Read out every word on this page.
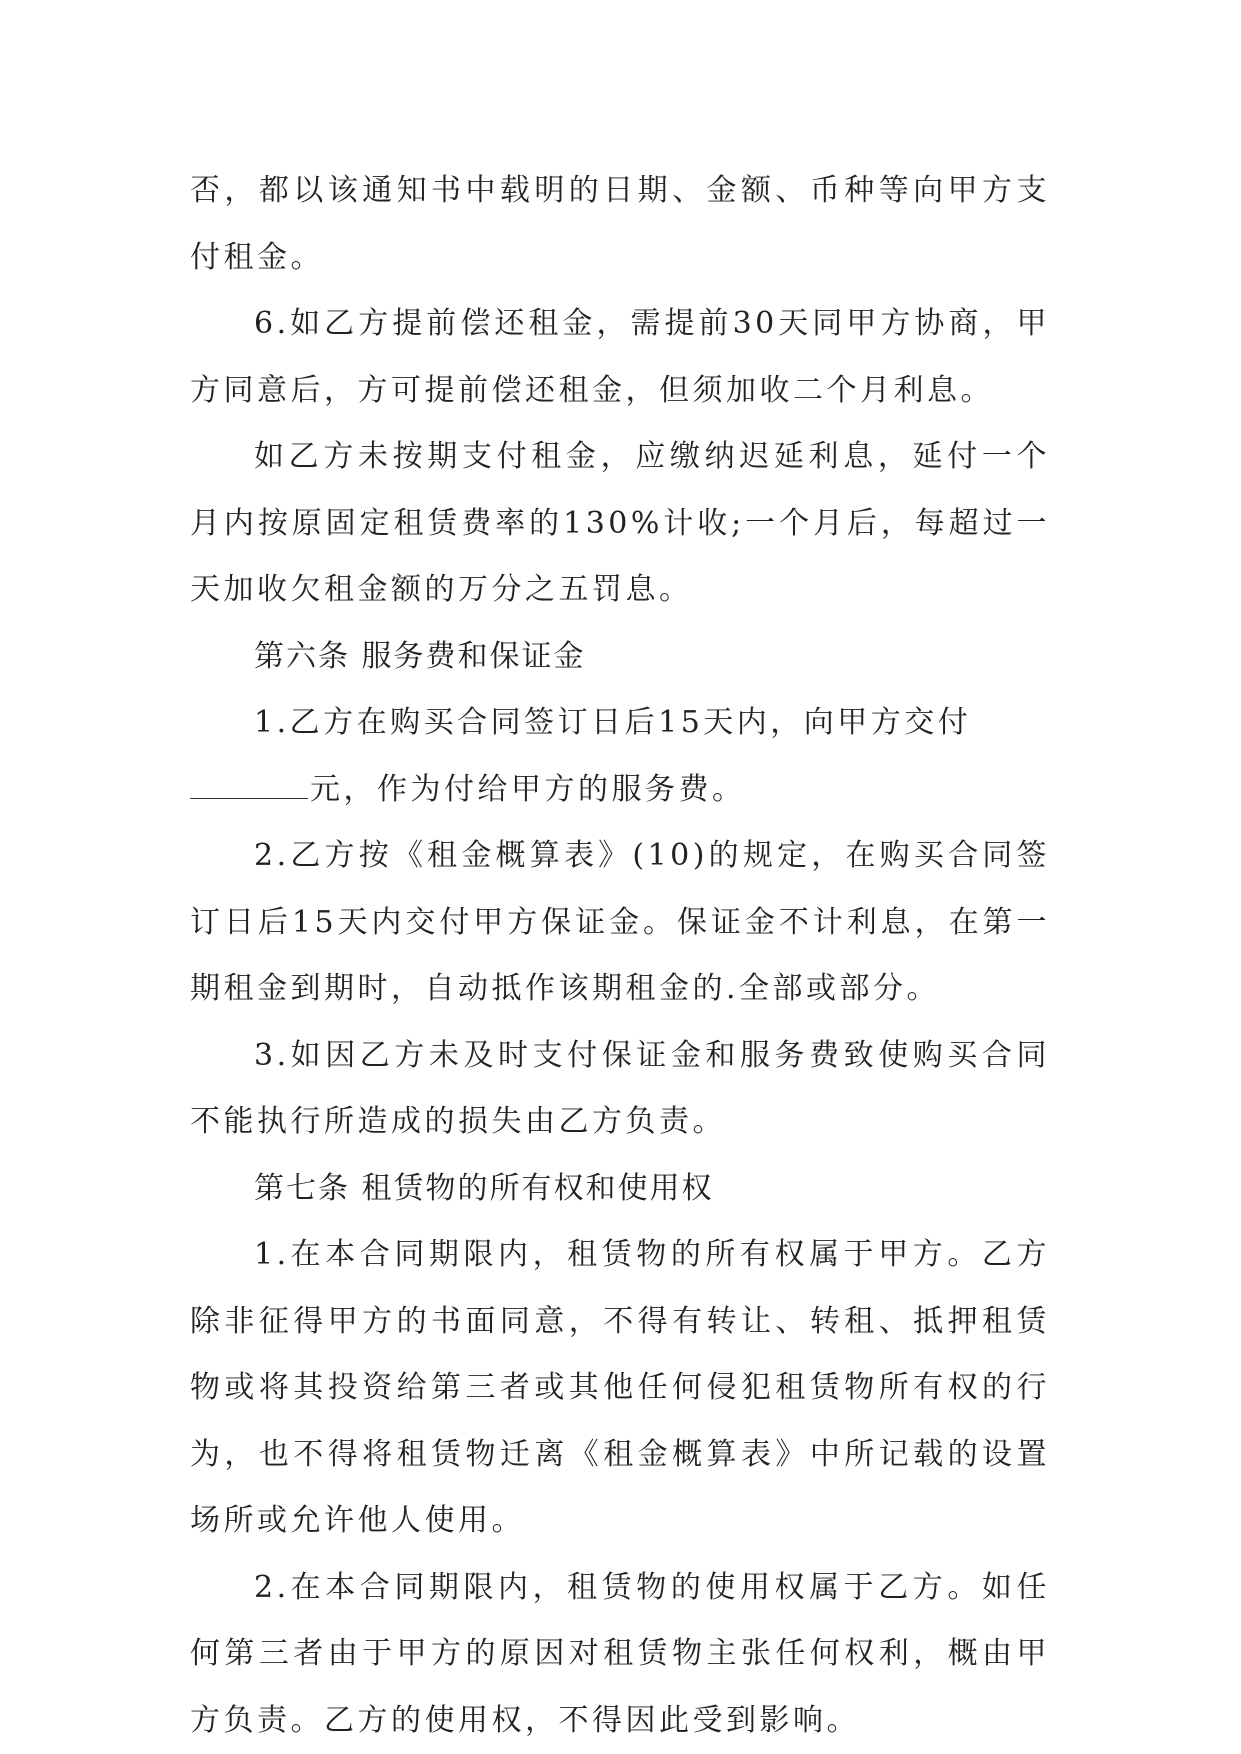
否，都以该通知书中载明的日期、金额、币种等向甲方支付租金。

6.如乙方提前偿还租金，需提前30天同甲方协商，甲方同意后，方可提前偿还租金，但须加收二个月利息。

如乙方未按期支付租金，应缴纳迟延利息，延付一个月内按原固定租赁费率的130%计收;一个月后，每超过一天加收欠租金额的万分之五罚息。

第六条 服务费和保证金

1.乙方在购买合同签订日后15天内，向甲方交付
元，作为付给甲方的服务费。

2.乙方按《租金概算表》(10)的规定，在购买合同签订日后15天内交付甲方保证金。保证金不计利息，在第一期租金到期时，自动抵作该期租金的.全部或部分。

3.如因乙方未及时支付保证金和服务费致使购买合同不能执行所造成的损失由乙方负责。

第七条 租赁物的所有权和使用权

1.在本合同期限内，租赁物的所有权属于甲方。乙方除非征得甲方的书面同意，不得有转让、转租、抵押租赁物或将其投资给第三者或其他任何侵犯租赁物所有权的行为，也不得将租赁物迁离《租金概算表》中所记载的设置场所或允许他人使用。

2.在本合同期限内，租赁物的使用权属于乙方。如任何第三者由于甲方的原因对租赁物主张任何权利，概由甲方负责。乙方的使用权，不得因此受到影响。
